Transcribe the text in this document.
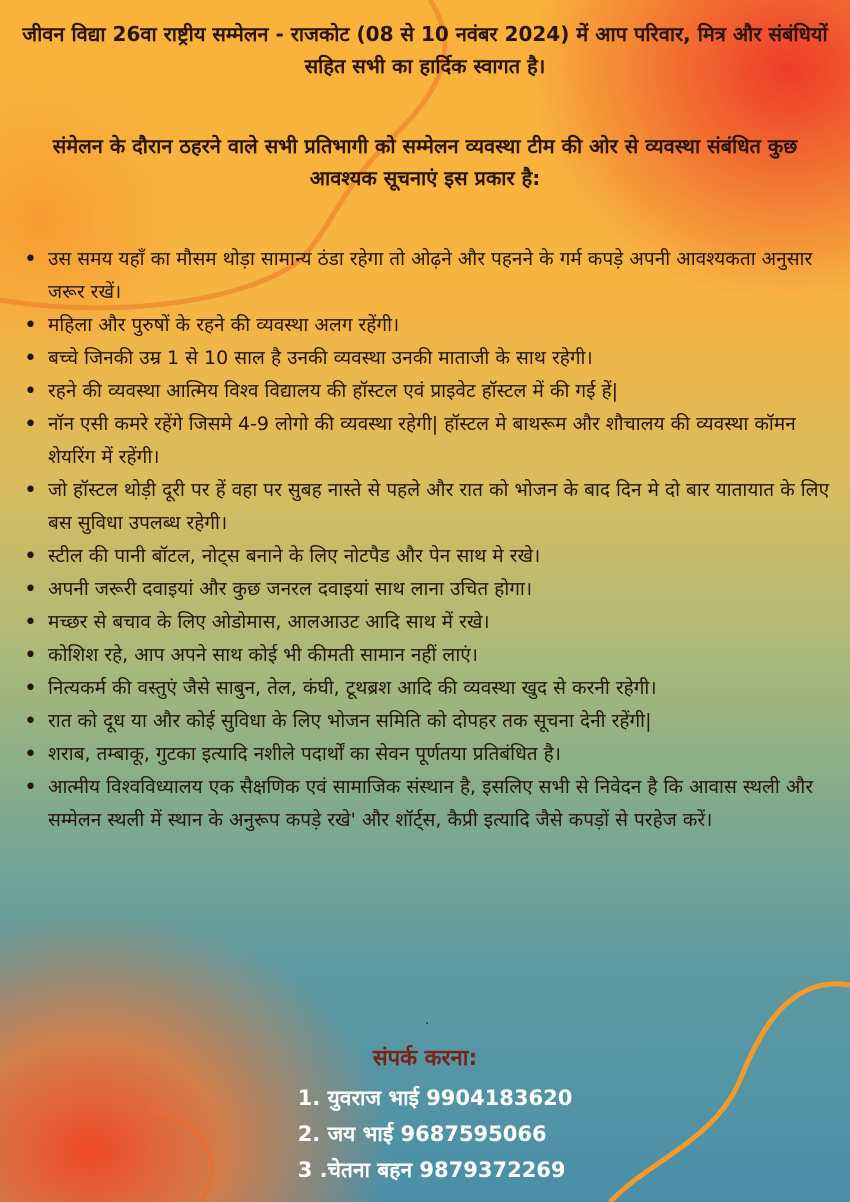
जीवन विद्या 26वा राष्ट्रीय सम्मेलन - राजकोट (08 से 10 नवंबर 2024) में आप परिवार, मित्र और संबंधियों सहित सभी का हार्दिक स्वागत है।
संमेलन के दौरान ठहरने वाले सभी प्रतिभागी को सम्मेलन व्यवस्था टीम की ओर से व्यवस्था संबंधित कुछ आवश्यक सूचनाएं इस प्रकार है:
• उस समय यहाँ का मौसम थोड़ा सामान्य ठंडा रहेगा तो ओढ़ने और पहनने के गर्म कपड़े अपनी आवश्यकता अनुसार जरूर रखें।
• महिला और पुरुषों के रहने की व्यवस्था अलग रहेंगी।
• बच्चे जिनकी उम्र 1 से 10 साल है उनकी व्यवस्था उनकी माताजी के साथ रहेगी।
• रहने की व्यवस्था आत्मिय विश्व विद्यालय की हॉस्टल एवं प्राइवेट हॉस्टल में की गई हें|
• नॉन एसी कमरे रहेंगे जिसमे 4-9 लोगो की व्यवस्था रहेगी| हॉस्टल मे बाथरूम और शौचालय की व्यवस्था कॉमन शेयरिंग में रहेंगी।
• जो हॉस्टल थोड़ी दूरी पर हें वहा पर सुबह नास्ते से पहले और रात को भोजन के बाद दिन मे दो बार यातायात के लिए बस सुविधा उपलब्ध रहेगी।
• स्टील की पानी बॉटल, नोट्स बनाने के लिए नोटपैड और पेन साथ मे रखे।
• अपनी जरूरी दवाइयां और कुछ जनरल दवाइयां साथ लाना उचित होगा।
• मच्छर से बचाव के लिए ओडोमास, आलआउट आदि साथ में रखे।
• कोशिश रहे, आप अपने साथ कोई भी कीमती सामान नहीं लाएं।
• नित्यकर्म की वस्तुएं जैसे साबुन, तेल, कंघी, टूथब्रश आदि की व्यवस्था खुद से करनी रहेगी।
• रात को दूध या और कोई सुविधा के लिए भोजन समिति को दोपहर तक सूचना देनी रहेंगी|
• शराब, तम्बाकू, गुटका इत्यादि नशीले पदार्थों का सेवन पूर्णतया प्रतिबंधित है।
• आत्मीय विश्वविध्यालय एक सैक्षणिक एवं सामाजिक संस्थान है, इसलिए सभी से निवेदन है कि आवास स्थली और सम्मेलन स्थली में स्थान के अनुरूप कपड़े रखे' और शॉर्ट्स, कैप्री इत्यादि जैसे कपड़ों से परहेज करें।
.
संपर्क करना:
1. युवराज भाई 9904183620
2. जय भाई 9687595066
3 .चेतना बहन 9879372269
